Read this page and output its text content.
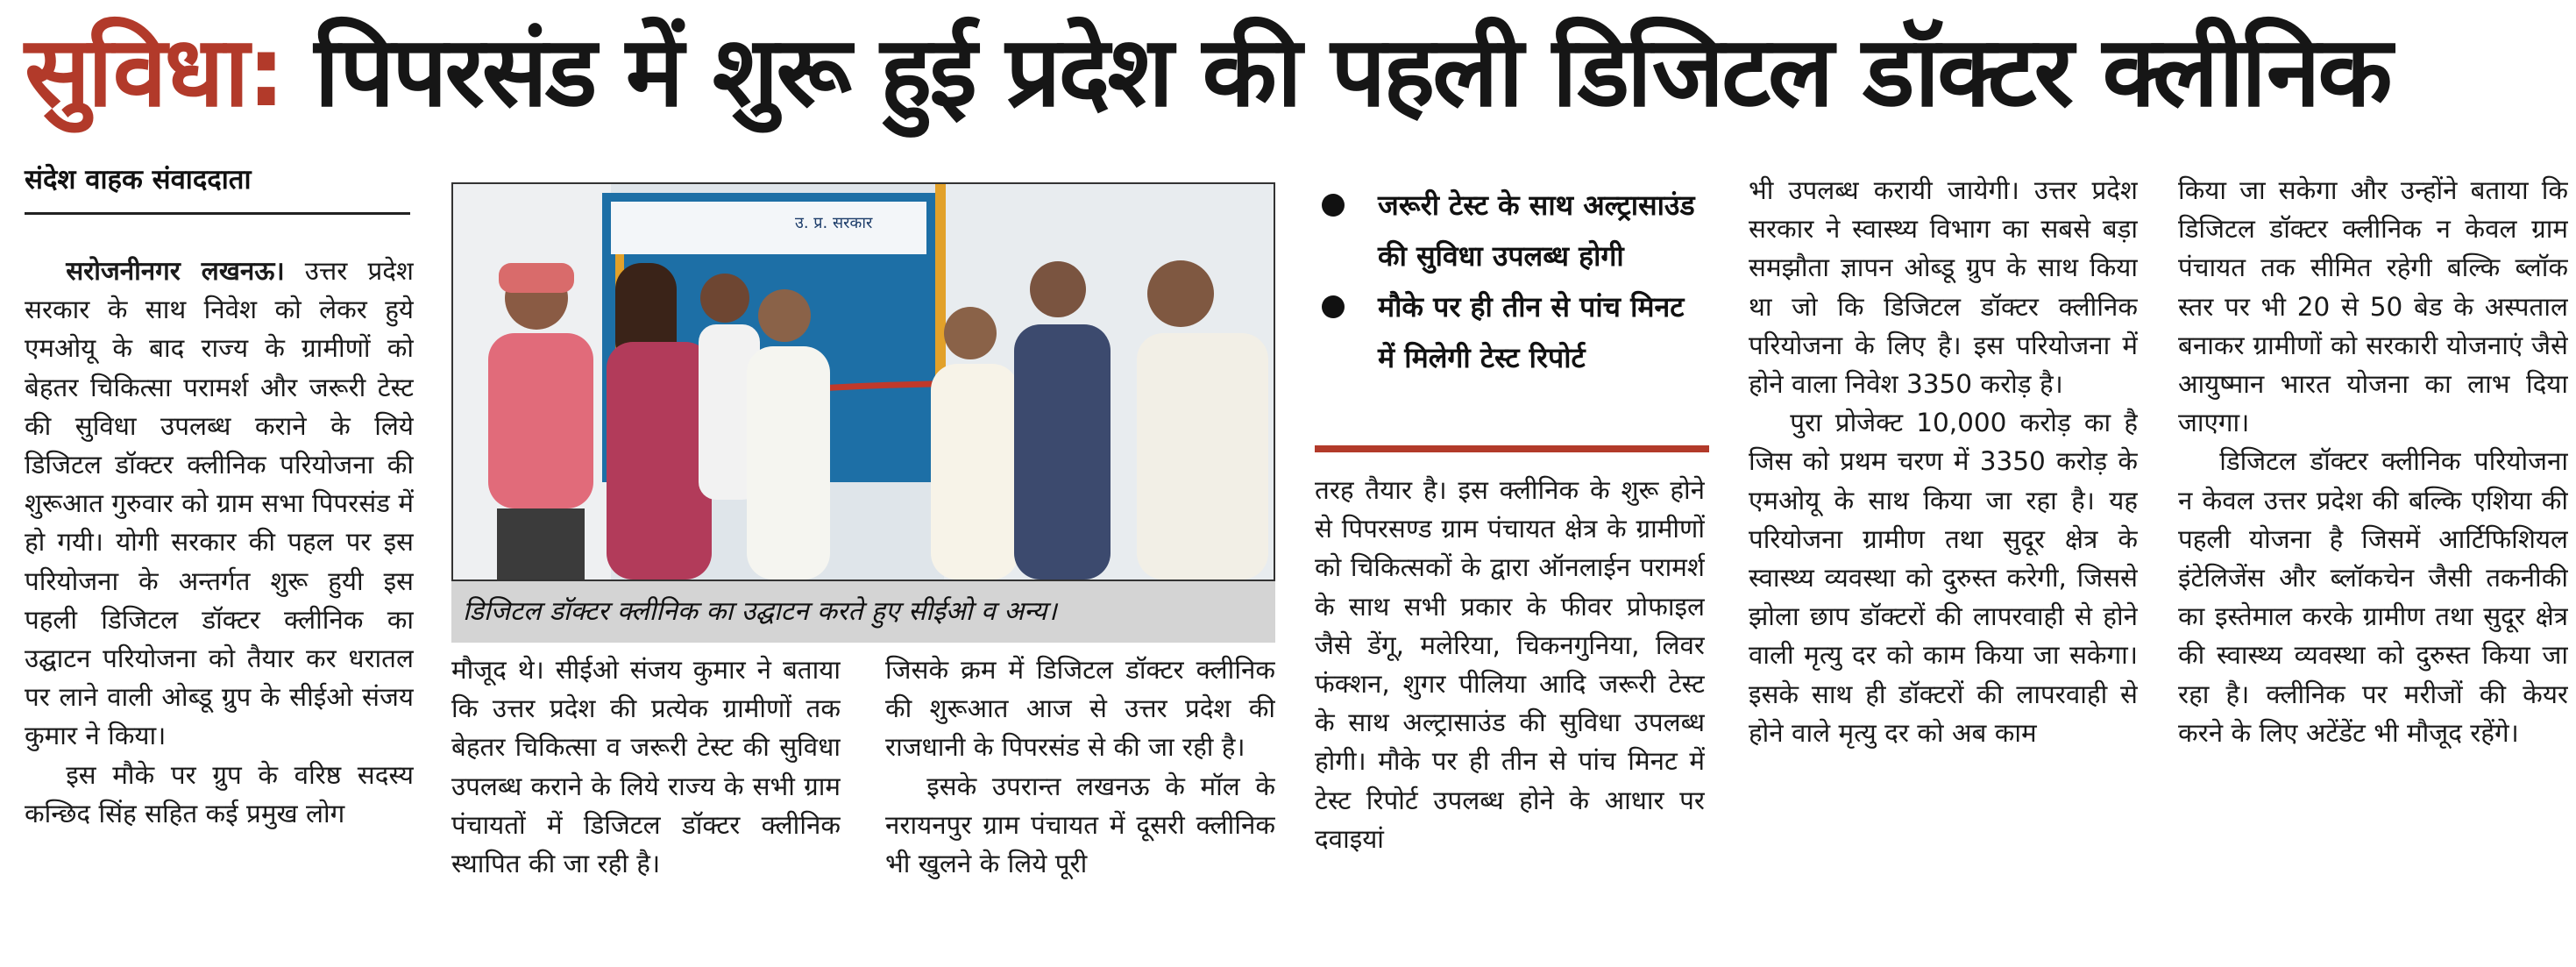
सुविधा: पिपरसंड में शुरू हुई प्रदेश की पहली डिजिटल डॉक्टर क्लीनिक
संदेश वाहक संवाददाता

सरोजनीनगर लखनऊ। उत्तर प्रदेश सरकार के साथ निवेश को लेकर हुये एमओयू के बाद राज्य के ग्रामीणों को बेहतर चिकित्सा परामर्श और जरूरी टेस्ट की सुविधा उपलब्ध कराने के लिये डिजिटल डॉक्टर क्लीनिक परियोजना की शुरूआत गुरुवार को ग्राम सभा पिपरसंड में हो गयी। योगी सरकार की पहल पर इस परियोजना के अन्तर्गत शुरू हुयी इस पहली डिजिटल डॉक्टर क्लीनिक का उद्घाटन परियोजना को तैयार कर धरातल पर लाने वाली ओब्डू ग्रुप के सीईओ संजय कुमार ने किया।

इस मौके पर ग्रुप के वरिष्ठ सदस्य कन्छिद सिंह सहित कई प्रमुख लोग

उ. प्र. सरकार
डिजिटल डॉक्टर क्लीनिक का उद्घाटन करते हुए सीईओ व अन्य।

मौजूद थे। सीईओ संजय कुमार ने बताया कि उत्तर प्रदेश की प्रत्येक ग्रामीणों तक बेहतर चिकित्सा व जरूरी टेस्ट की सुविधा उपलब्ध कराने के लिये राज्य के सभी ग्राम पंचायतों में डिजिटल डॉक्टर क्लीनिक स्थापित की जा रही है।

जिसके क्रम में डिजिटल डॉक्टर क्लीनिक की शुरूआत आज से उत्तर प्रदेश की राजधानी के पिपरसंड से की जा रही है।

इसके उपरान्त लखनऊ के मॉल के नरायनपुर ग्राम पंचायत में दूसरी क्लीनिक भी खुलने के लिये पूरी

जरूरी टेस्ट के साथ अल्ट्रासाउंड की सुविधा उपलब्ध होगी
मौके पर ही तीन से पांच मिनट में मिलेगी टेस्ट रिपोर्ट

तरह तैयार है। इस क्लीनिक के शुरू होने से पिपरसण्ड ग्राम पंचायत क्षेत्र के ग्रामीणों को चिकित्सकों के द्वारा ऑनलाईन परामर्श के साथ सभी प्रकार के फीवर प्रोफाइल जैसे डेंगू, मलेरिया, चिकनगुनिया, लिवर फंक्शन, शुगर पीलिया आदि जरूरी टेस्ट के साथ अल्ट्रासाउंड की सुविधा उपलब्ध होगी। मौके पर ही तीन से पांच मिनट में टेस्ट रिपोर्ट उपलब्ध होने के आधार पर दवाइयां

भी उपलब्ध करायी जायेगी। उत्तर प्रदेश सरकार ने स्वास्थ्य विभाग का सबसे बड़ा समझौता ज्ञापन ओब्डू ग्रुप के साथ किया था जो कि डिजिटल डॉक्टर क्लीनिक परियोजना के लिए है। इस परियोजना में होने वाला निवेश 3350 करोड़ है।

पुरा प्रोजेक्ट 10,000 करोड़ का है जिस को प्रथम चरण में 3350 करोड़ के एमओयू के साथ किया जा रहा है। यह परियोजना ग्रामीण तथा सुदूर क्षेत्र के स्वास्थ्य व्यवस्था को दुरुस्त करेगी, जिससे झोला छाप डॉक्टरों की लापरवाही से होने वाली मृत्यु दर को काम किया जा सकेगा। इसके साथ ही डॉक्टरों की लापरवाही से होने वाले मृत्यु दर को अब काम

किया जा सकेगा और उन्होंने बताया कि डिजिटल डॉक्टर क्लीनिक न केवल ग्राम पंचायत तक सीमित रहेगी बल्कि ब्लॉक स्तर पर भी 20 से 50 बेड के अस्पताल बनाकर ग्रामीणों को सरकारी योजनाएं जैसे आयुष्मान भारत योजना का लाभ दिया जाएगा।

डिजिटल डॉक्टर क्लीनिक परियोजना न केवल उत्तर प्रदेश की बल्कि एशिया की पहली योजना है जिसमें आर्टिफिशियल इंटेलिजेंस और ब्लॉकचेन जैसी तकनीकी का इस्तेमाल करके ग्रामीण तथा सुदूर क्षेत्र की स्वास्थ्य व्यवस्था को दुरुस्त किया जा रहा है। क्लीनिक पर मरीजों की केयर करने के लिए अटेंडेंट भी मौजूद रहेंगे।
